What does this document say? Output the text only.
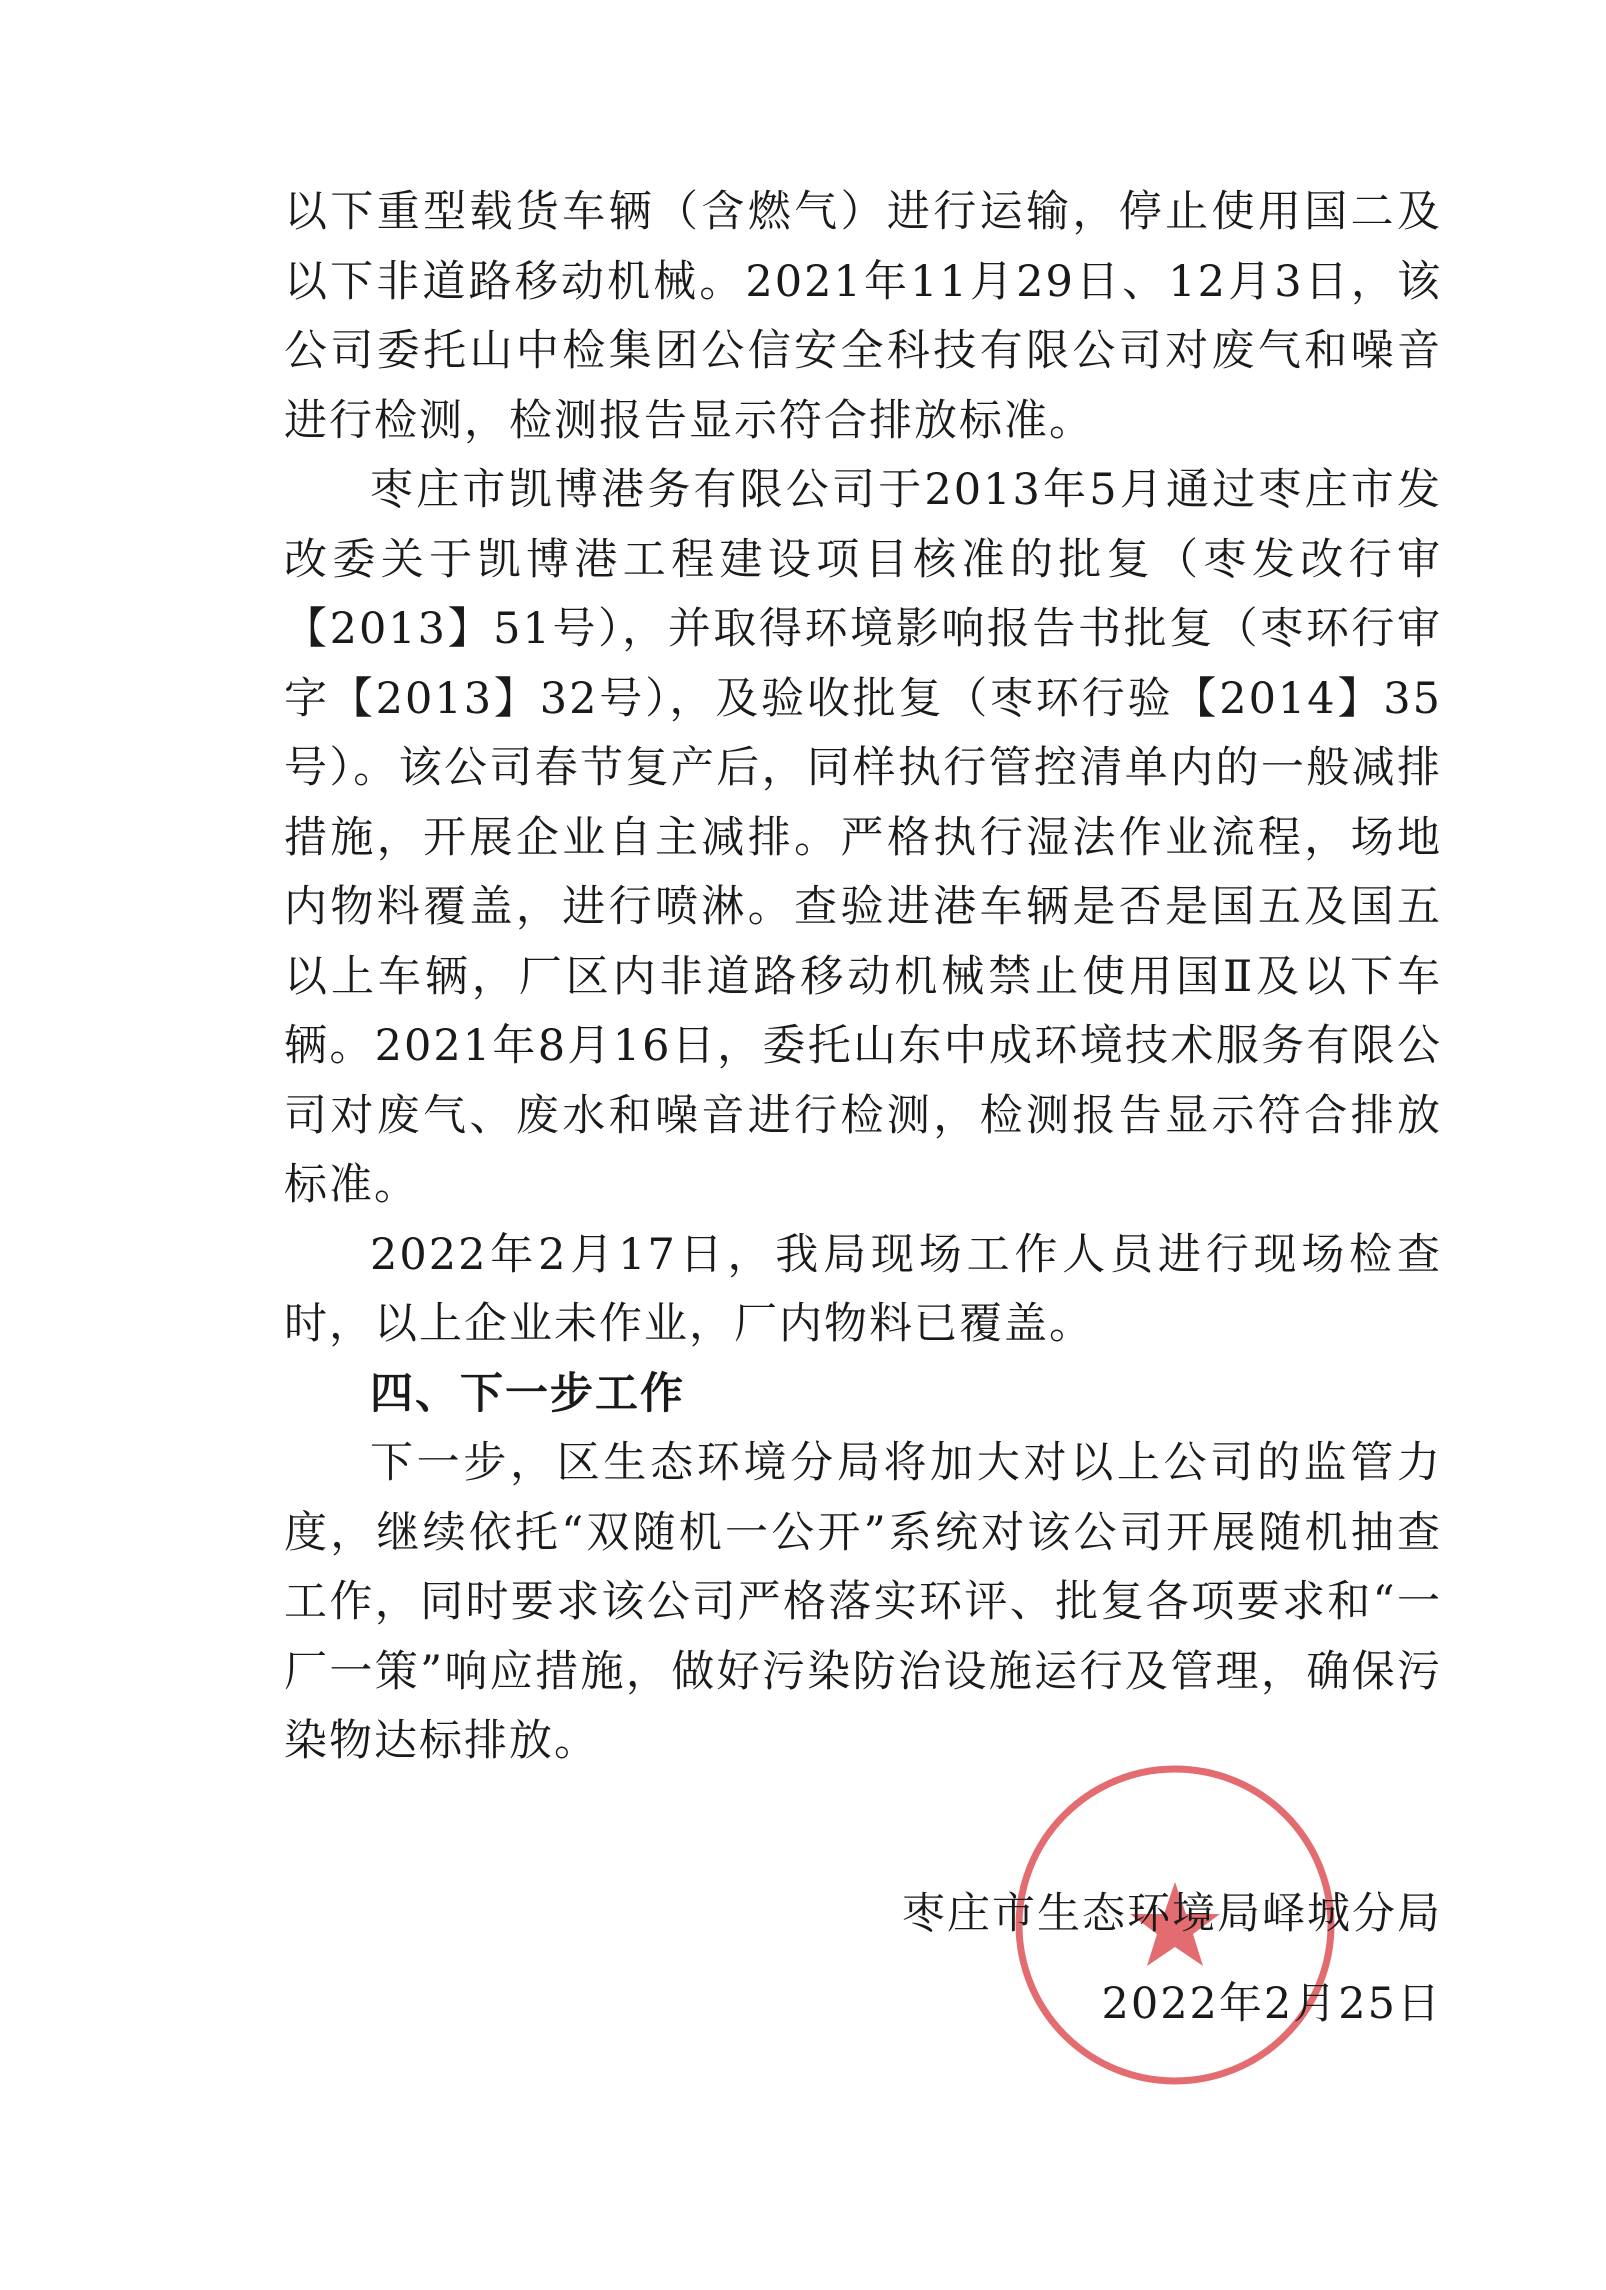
以下重型载货车辆（含燃气）进行运输，停止使用国二及以下非道路移动机械。2021年11月29日、12月3日，该公司委托山中检集团公信安全科技有限公司对废气和噪音进行检测，检测报告显示符合排放标准。

枣庄市凯博港务有限公司于2013年5月通过枣庄市发改委关于凯博港工程建设项目核准的批复（枣发改行审【2013】51号），并取得环境影响报告书批复（枣环行审字【2013】32号），及验收批复（枣环行验【2014】35号）。该公司春节复产后，同样执行管控清单内的一般减排措施，开展企业自主减排。严格执行湿法作业流程，场地内物料覆盖，进行喷淋。查验进港车辆是否是国五及国五以上车辆，厂区内非道路移动机械禁止使用国Ⅱ及以下车辆。2021年8月16日，委托山东中成环境技术服务有限公司对废气、废水和噪音进行检测，检测报告显示符合排放标准。

2022年2月17日，我局现场工作人员进行现场检查时，以上企业未作业，厂内物料已覆盖。

四、下一步工作

下一步，区生态环境分局将加大对以上公司的监管力度，继续依托“双随机一公开”系统对该公司开展随机抽查工作，同时要求该公司严格落实环评、批复各项要求和“一厂一策”响应措施，做好污染防治设施运行及管理，确保污染物达标排放。

枣庄市生态环境局峄城分局
2022年2月25日
